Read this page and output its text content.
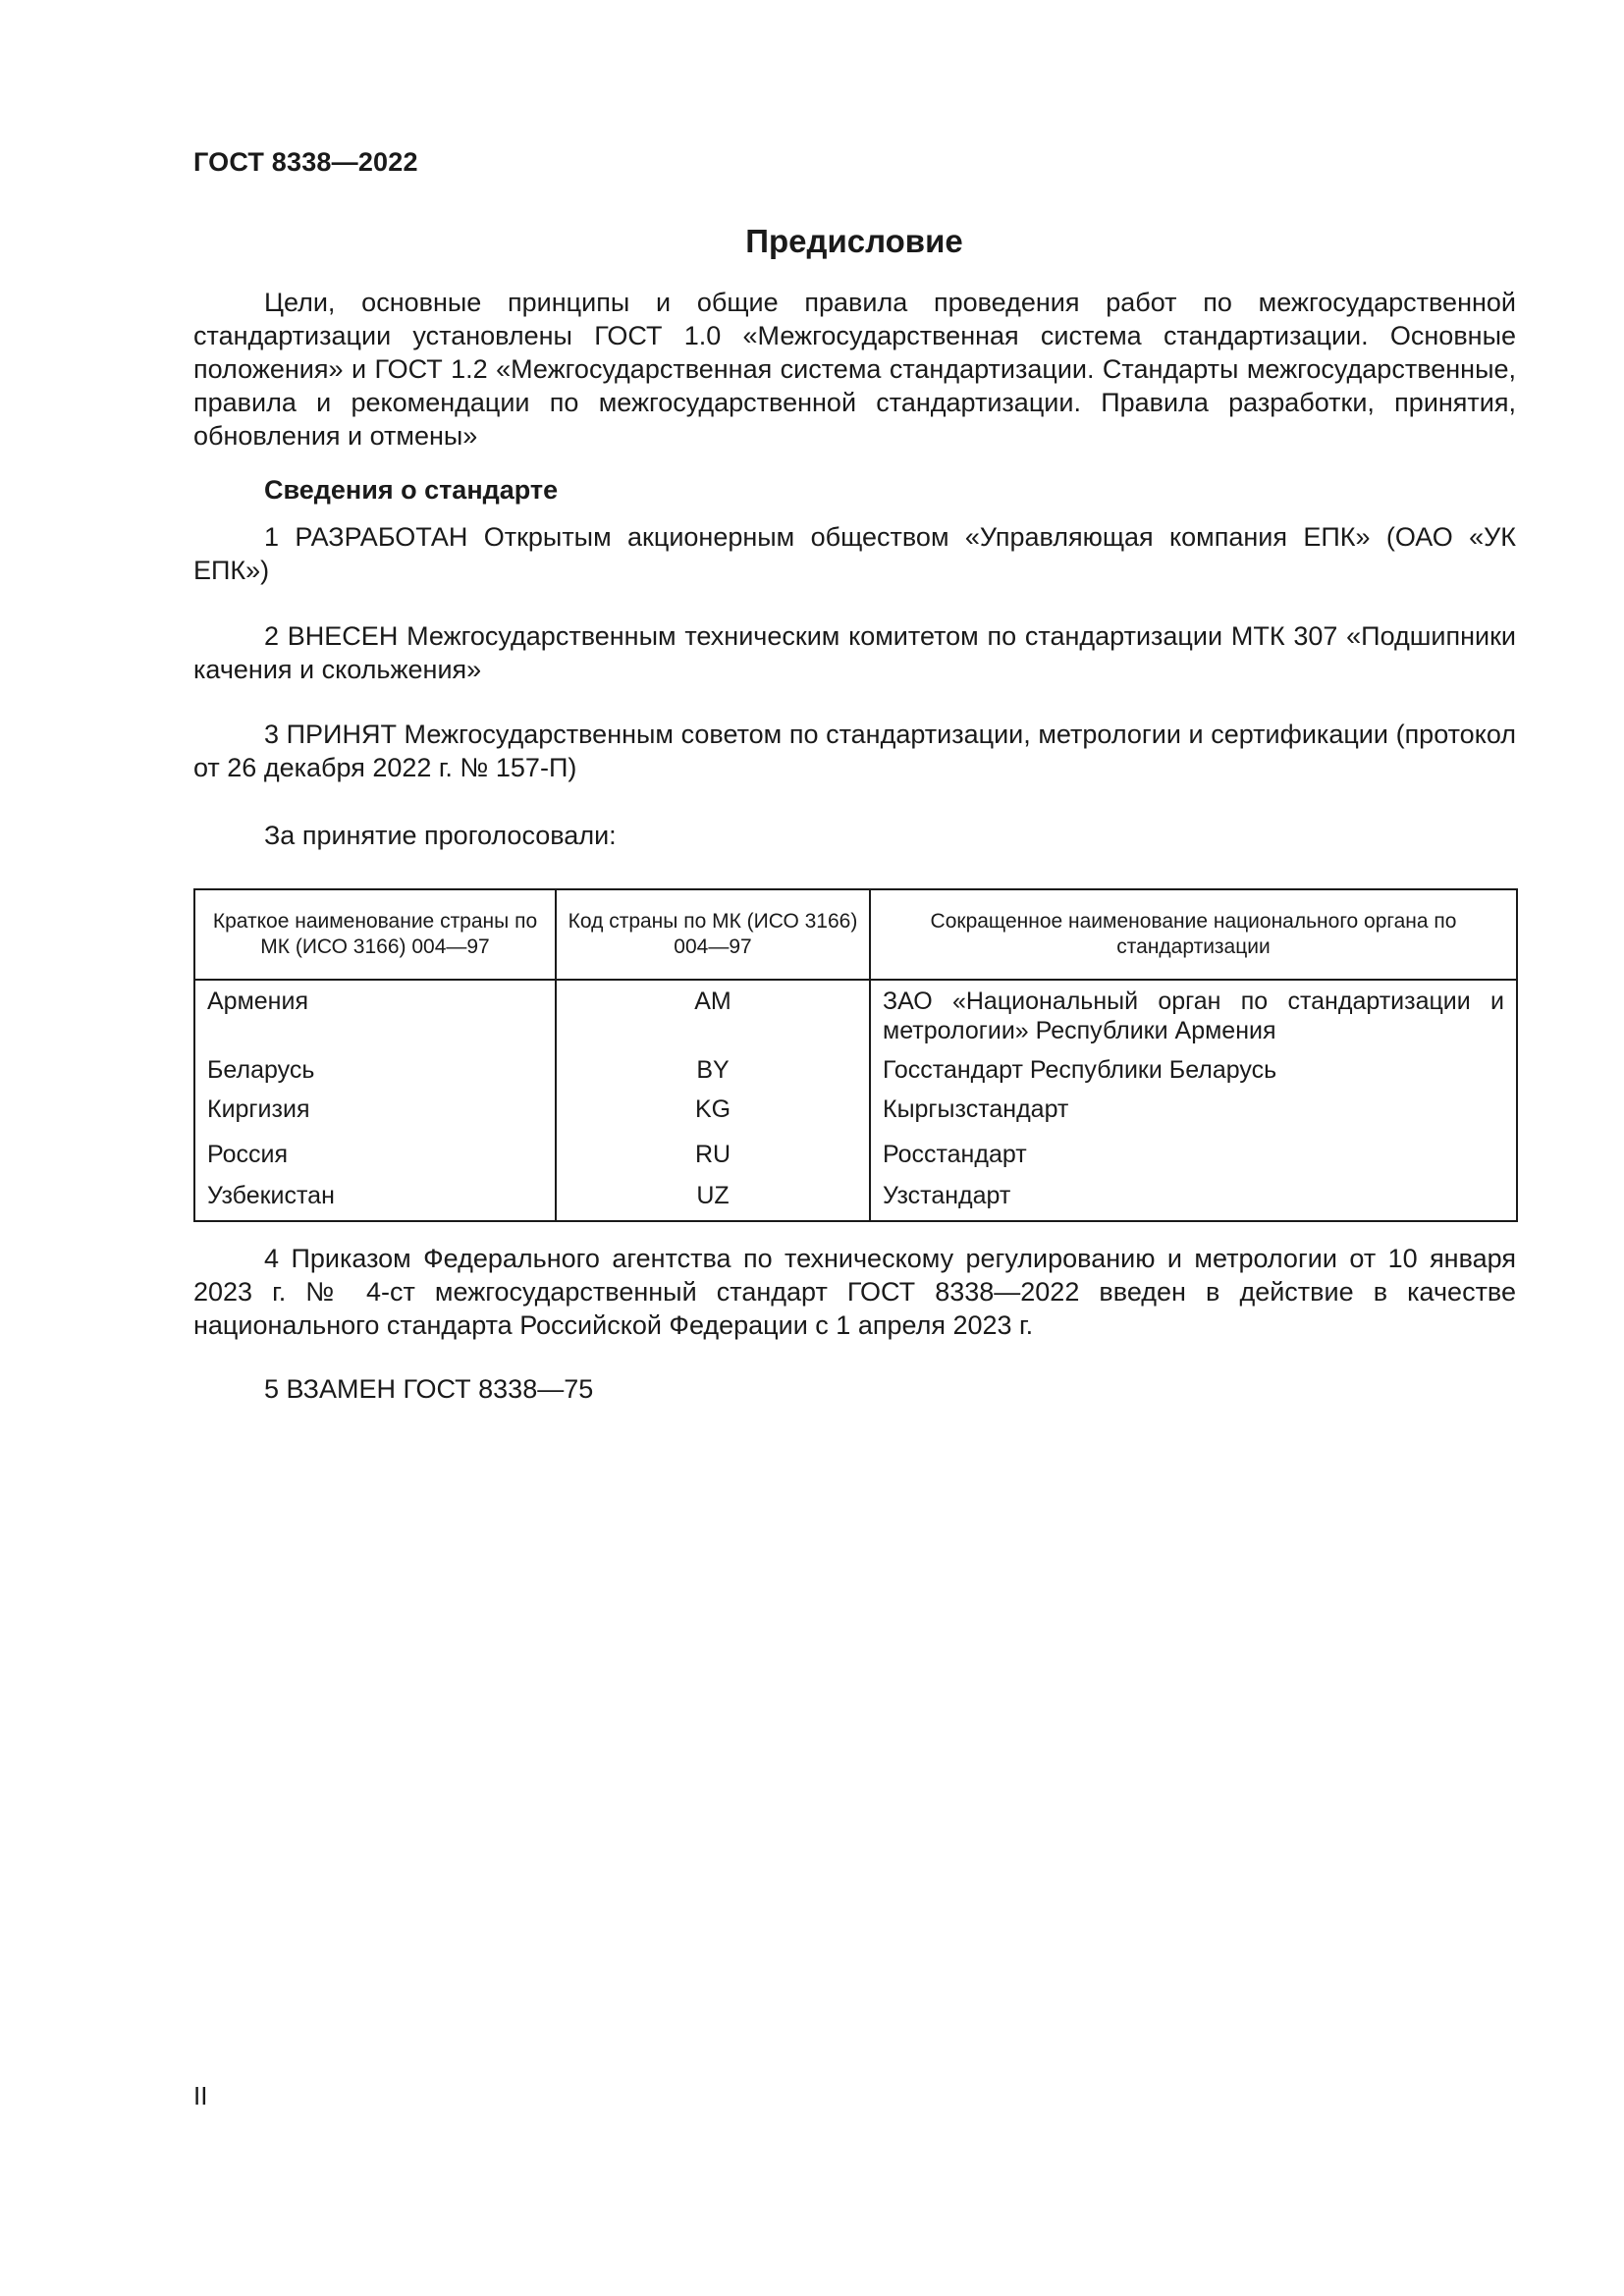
ГОСТ 8338—2022
Предисловие

Цели, основные принципы и общие правила проведения работ по межгосударственной стандартизации установлены ГОСТ 1.0 «Межгосударственная система стандартизации. Основные положения» и ГОСТ 1.2 «Межгосударственная система стандартизации. Стандарты межгосударственные, правила и рекомендации по межгосударственной стандартизации. Правила разработки, принятия, обновления и отмены»

Сведения о стандарте

1 РАЗРАБОТАН Открытым акционерным обществом «Управляющая компания ЕПК» (ОАО «УК ЕПК»)

2 ВНЕСЕН Межгосударственным техническим комитетом по стандартизации МТК 307 «Подшипники качения и скольжения»

3 ПРИНЯТ Межгосударственным советом по стандартизации, метрологии и сертификации (протокол от 26 декабря 2022 г. № 157-П)

За принятие проголосовали:

Краткое наименование страны по МК (ИСО 3166) 004—97	Код страны по МК (ИСО 3166) 004—97	Сокращенное наименование национального органа по стандартизации
Армения	AM	ЗАО «Национальный орган по стандартизации и метрологии» Республики Армения
Беларусь	BY	Госстандарт Республики Беларусь
Киргизия	KG	Кыргызстандарт
Россия	RU	Росстандарт
Узбекистан	UZ	Узстандарт

4 Приказом Федерального агентства по техническому регулированию и метрологии от 10 января 2023 г. № 4-ст межгосударственный стандарт ГОСТ 8338—2022 введен в действие в качестве национального стандарта Российской Федерации с 1 апреля 2023 г.

5 ВЗАМЕН ГОСТ 8338—75

II
